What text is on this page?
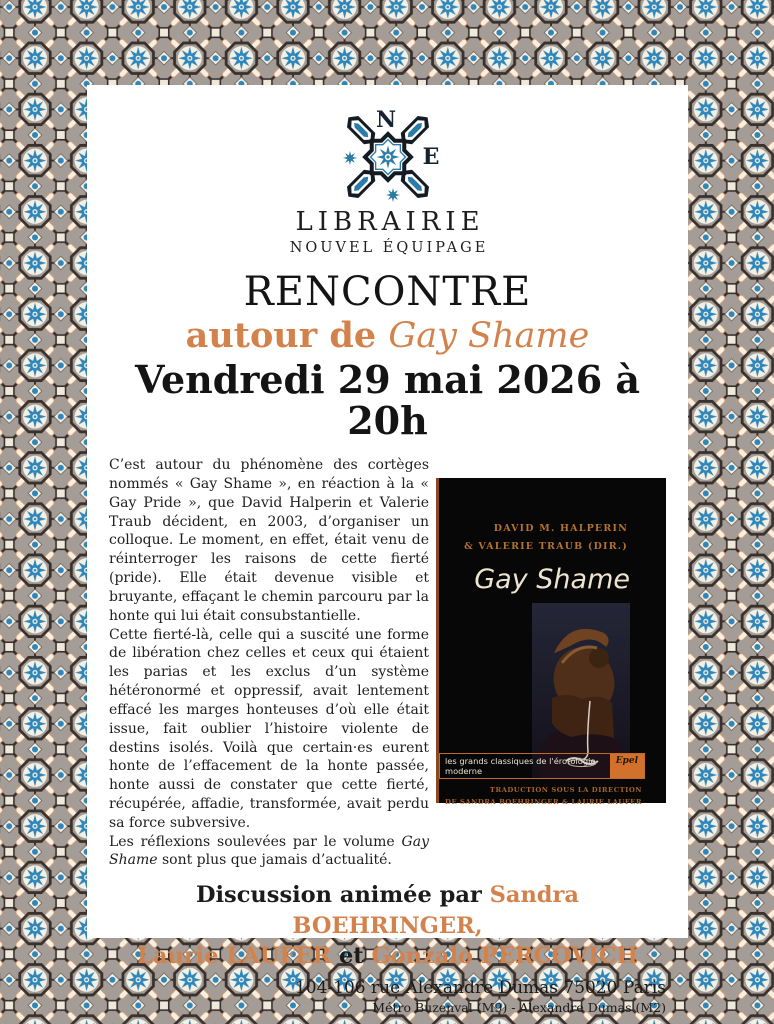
N
E
LIBRAIRIE
NOUVEL ÉQUIPAGE
RENCONTRE
autour de Gay Shame
Vendredi 29 mai 2026 à 20h

C’est autour du phénomène des cortèges nommés « Gay Shame », en réaction à la « Gay Pride », que David Halperin et Valerie Traub décident, en 2003, d’organiser un colloque. Le moment, en effet, était venu de réinterroger les raisons de cette fierté (pride). Elle était devenue visible et bruyante, effaçant le chemin parcouru par la honte qui lui était consubstantielle.

Cette fierté-là, celle qui a suscité une forme de libération chez celles et ceux qui étaient les parias et les exclus d’un système hétéronormé et oppressif, avait lentement effacé les marges honteuses d’où elle était issue, fait oublier l’histoire violente de destins isolés. Voilà que certain·es eurent honte de l’effacement de la honte passée, honte aussi de constater que cette fierté, récupérée, affadie, transformée, avait perdu sa force subversive.

Les réflexions soulevées par le volume Gay Shame sont plus que jamais d’actualité.

DAVID M. HALPERIN
& VALERIE TRAUB (DIR.)
Gay Shame
TRADUCTION SOUS LA DIRECTION
DE SANDRA BOEHRINGER & LAURIE LAUFER
les grands classiques de l'érotologie moderne
Epel
Discussion animée par Sandra BOEHRINGER,
Laurie LAUFER et Gonzalo PERCOVICH
104-106 rue Alexandre Dumas 75020 Paris
Métro Buzenval (M9) - Alexandre Dumas (M2)
